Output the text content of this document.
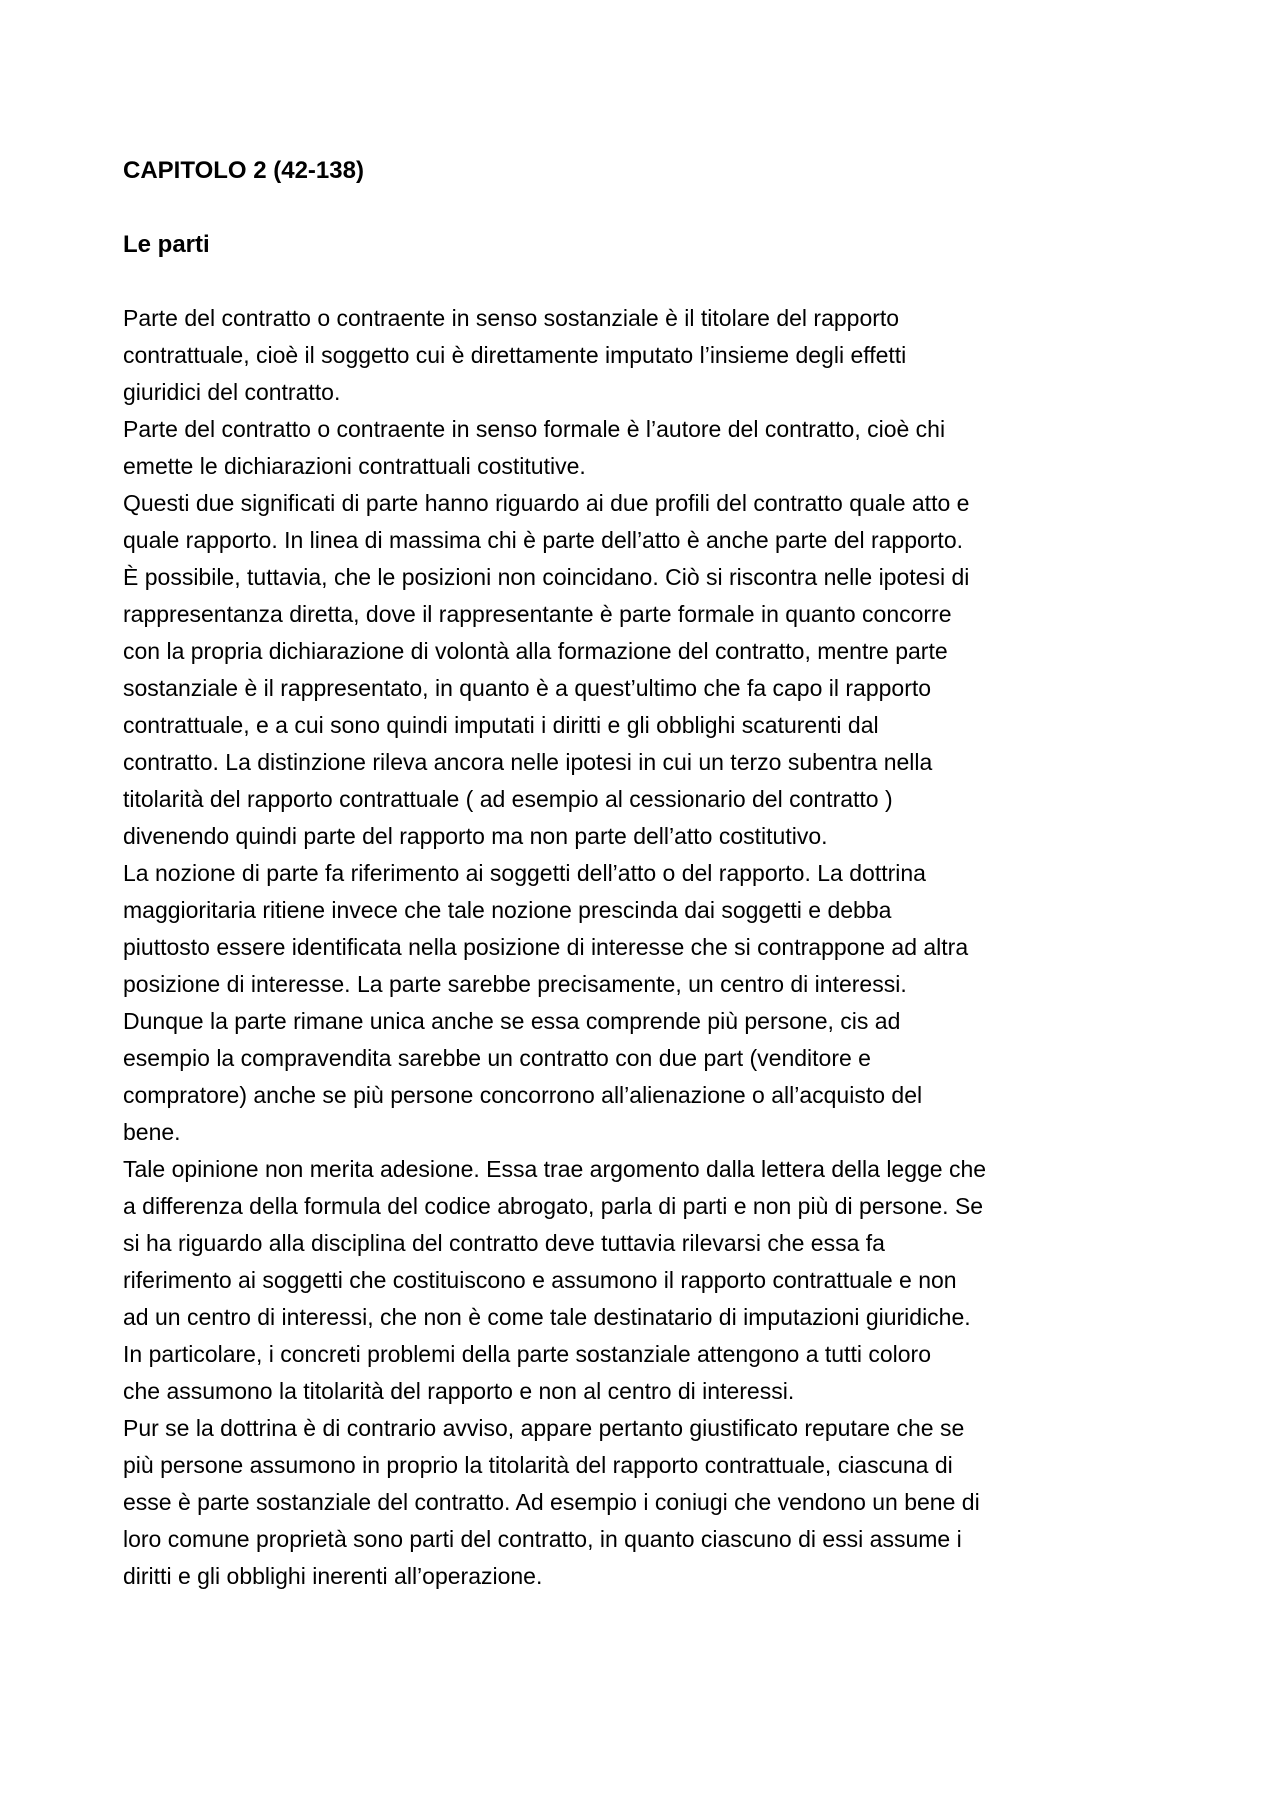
CAPITOLO 2 (42-138)
Le parti

Parte del contratto o contraente in senso sostanziale è il titolare del rapporto
contrattuale, cioè il soggetto cui è direttamente imputato l’insieme degli effetti
giuridici del contratto.

Parte del contratto o contraente in senso formale è l’autore del contratto, cioè chi
emette le dichiarazioni contrattuali costitutive.

Questi due significati di parte hanno riguardo ai due profili del contratto quale atto e
quale rapporto. In linea di massima chi è parte dell’atto è anche parte del rapporto.
È possibile, tuttavia, che le posizioni non coincidano. Ciò si riscontra nelle ipotesi di
rappresentanza diretta, dove il rappresentante è parte formale in quanto concorre
con la propria dichiarazione di volontà alla formazione del contratto, mentre parte
sostanziale è il rappresentato, in quanto è a quest’ultimo che fa capo il rapporto
contrattuale, e a cui sono quindi imputati i diritti e gli obblighi scaturenti dal
contratto. La distinzione rileva ancora nelle ipotesi in cui un terzo subentra nella
titolarità del rapporto contrattuale ( ad esempio al cessionario del contratto )
divenendo quindi parte del rapporto ma non parte dell’atto costitutivo.

La nozione di parte fa riferimento ai soggetti dell’atto o del rapporto. La dottrina
maggioritaria ritiene invece che tale nozione prescinda dai soggetti e debba
piuttosto essere identificata nella posizione di interesse che si contrappone ad altra
posizione di interesse. La parte sarebbe precisamente, un centro di interessi.
Dunque la parte rimane unica anche se essa comprende più persone, cis ad
esempio la compravendita sarebbe un contratto con due part (venditore e
compratore) anche se più persone concorrono all’alienazione o all’acquisto del
bene.

Tale opinione non merita adesione. Essa trae argomento dalla lettera della legge che
a differenza della formula del codice abrogato, parla di parti e non più di persone. Se
si ha riguardo alla disciplina del contratto deve tuttavia rilevarsi che essa fa
riferimento ai soggetti che costituiscono e assumono il rapporto contrattuale e non
ad un centro di interessi, che non è come tale destinatario di imputazioni giuridiche.
In particolare, i concreti problemi della parte sostanziale attengono a tutti coloro
che assumono la titolarità del rapporto e non al centro di interessi.

Pur se la dottrina è di contrario avviso, appare pertanto giustificato reputare che se
più persone assumono in proprio la titolarità del rapporto contrattuale, ciascuna di
esse è parte sostanziale del contratto. Ad esempio i coniugi che vendono un bene di
loro comune proprietà sono parti del contratto, in quanto ciascuno di essi assume i
diritti e gli obblighi inerenti all’operazione.
